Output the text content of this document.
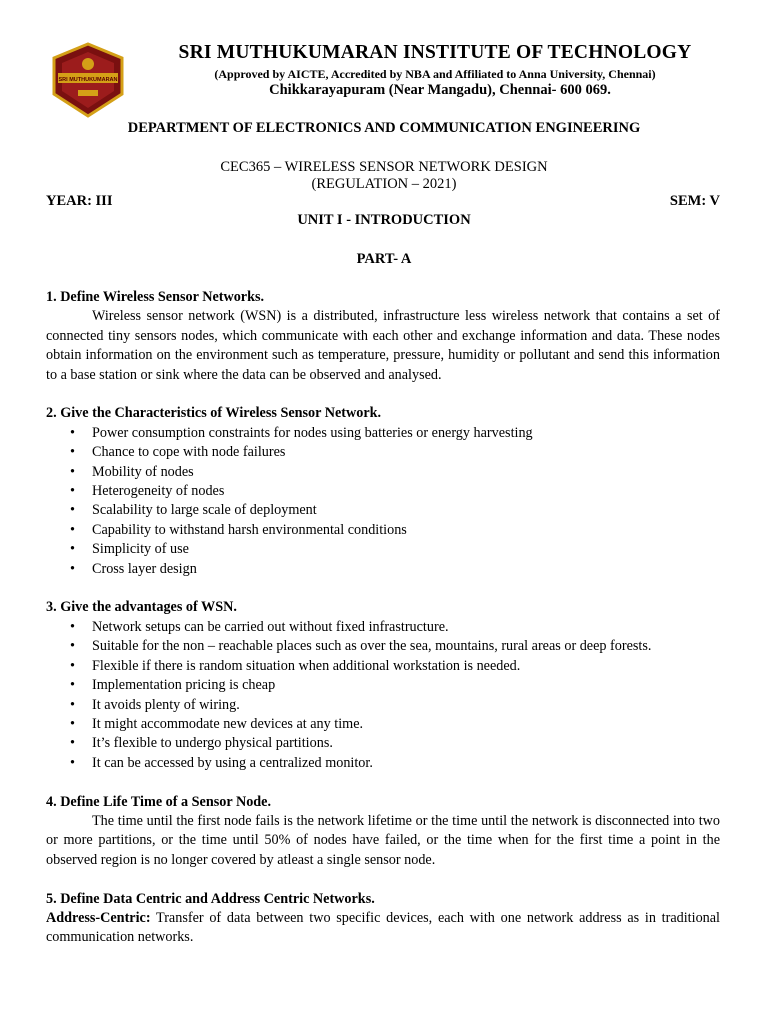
SRI MUTHUKUMARAN
SRI MUTHUKUMARAN INSTITUTE OF TECHNOLOGY
(Approved by AICTE, Accredited by NBA and Affiliated to Anna University, Chennai)
Chikkarayapuram (Near Mangadu), Chennai- 600 069.
DEPARTMENT OF ELECTRONICS AND COMMUNICATION ENGINEERING
CEC365 – WIRELESS SENSOR NETWORK DESIGN
(REGULATION – 2021)
YEAR: III	SEM: V
UNIT I - INTRODUCTION
PART- A

1. Define Wireless Sensor Networks.

Wireless sensor network (WSN) is a distributed, infrastructure less wireless network that contains a set of connected tiny sensors nodes, which communicate with each other and exchange information and data. These nodes obtain information on the environment such as temperature, pressure, humidity or pollutant and send this information to a base station or sink where the data can be observed and analysed.

2. Give the Characteristics of Wireless Sensor Network.

• Power consumption constraints for nodes using batteries or energy harvesting
• Chance to cope with node failures
• Mobility of nodes
• Heterogeneity of nodes
• Scalability to large scale of deployment
• Capability to withstand harsh environmental conditions
• Simplicity of use
• Cross layer design

3. Give the advantages of WSN.

• Network setups can be carried out without fixed infrastructure.
• Suitable for the non – reachable places such as over the sea, mountains, rural areas or deep forests.
• Flexible if there is random situation when additional workstation is needed.
• Implementation pricing is cheap
• It avoids plenty of wiring.
• It might accommodate new devices at any time.
• It’s flexible to undergo physical partitions.
• It can be accessed by using a centralized monitor.

4. Define Life Time of a Sensor Node.

The time until the first node fails is the network lifetime or the time until the network is disconnected into two or more partitions, or the time until 50% of nodes have failed, or the time when for the first time a point in the observed region is no longer covered by atleast a single sensor node.

5. Define Data Centric and Address Centric Networks.

Address-Centric: Transfer of data between two specific devices, each with one network address as in traditional communication networks.
